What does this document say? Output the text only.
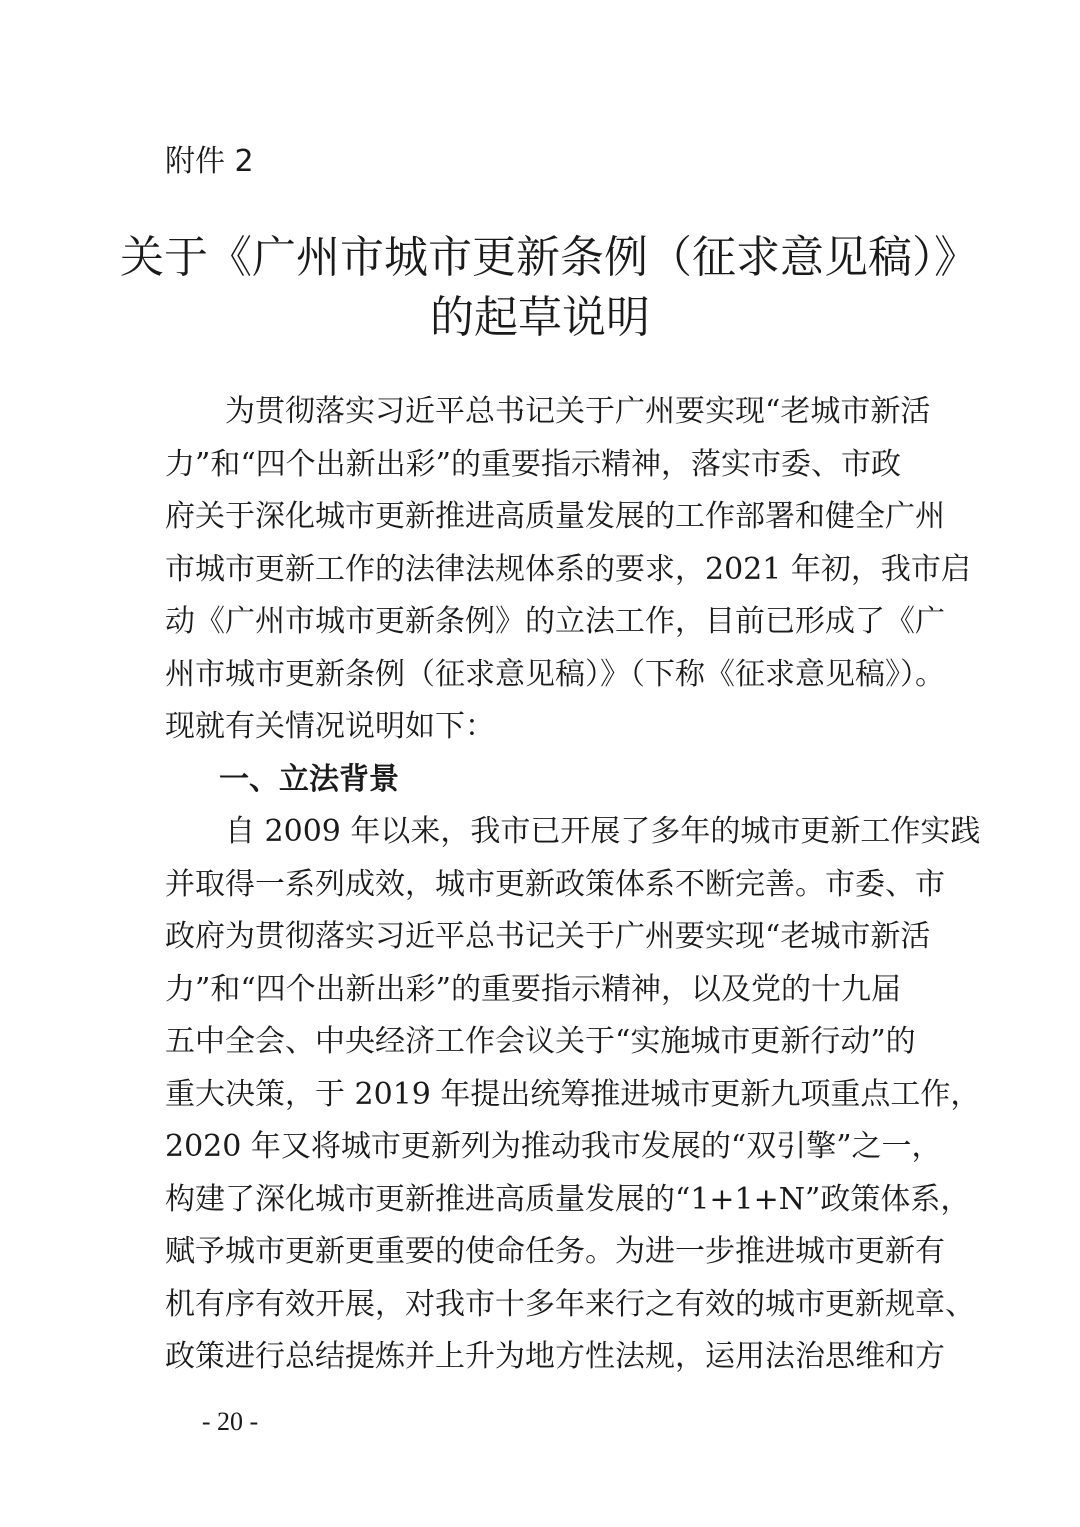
附件 2

关于《广州市城市更新条例（征求意见稿）》
的起草说明
为贯彻落实习近平总书记关于广州要实现“老城市新活
力”和“四个出新出彩”的重要指示精神，落实市委、市政
府关于深化城市更新推进高质量发展的工作部署和健全广州
市城市更新工作的法律法规体系的要求，2021 年初，我市启
动《广州市城市更新条例》的立法工作，目前已形成了《广
州市城市更新条例（征求意见稿）》（下称《征求意见稿》）。
现就有关情况说明如下：
一、立法背景
自 2009 年以来，我市已开展了多年的城市更新工作实践
并取得一系列成效，城市更新政策体系不断完善。市委、市
政府为贯彻落实习近平总书记关于广州要实现“老城市新活
力”和“四个出新出彩”的重要指示精神，以及党的十九届
五中全会、中央经济工作会议关于“实施城市更新行动”的
重大决策，于 2019 年提出统筹推进城市更新九项重点工作，
2020 年又将城市更新列为推动我市发展的“双引擎”之一，
构建了深化城市更新推进高质量发展的“1+1+N”政策体系，
赋予城市更新更重要的使命任务。为进一步推进城市更新有
机有序有效开展，对我市十多年来行之有效的城市更新规章、
政策进行总结提炼并上升为地方性法规，运用法治思维和方
- 20 -
